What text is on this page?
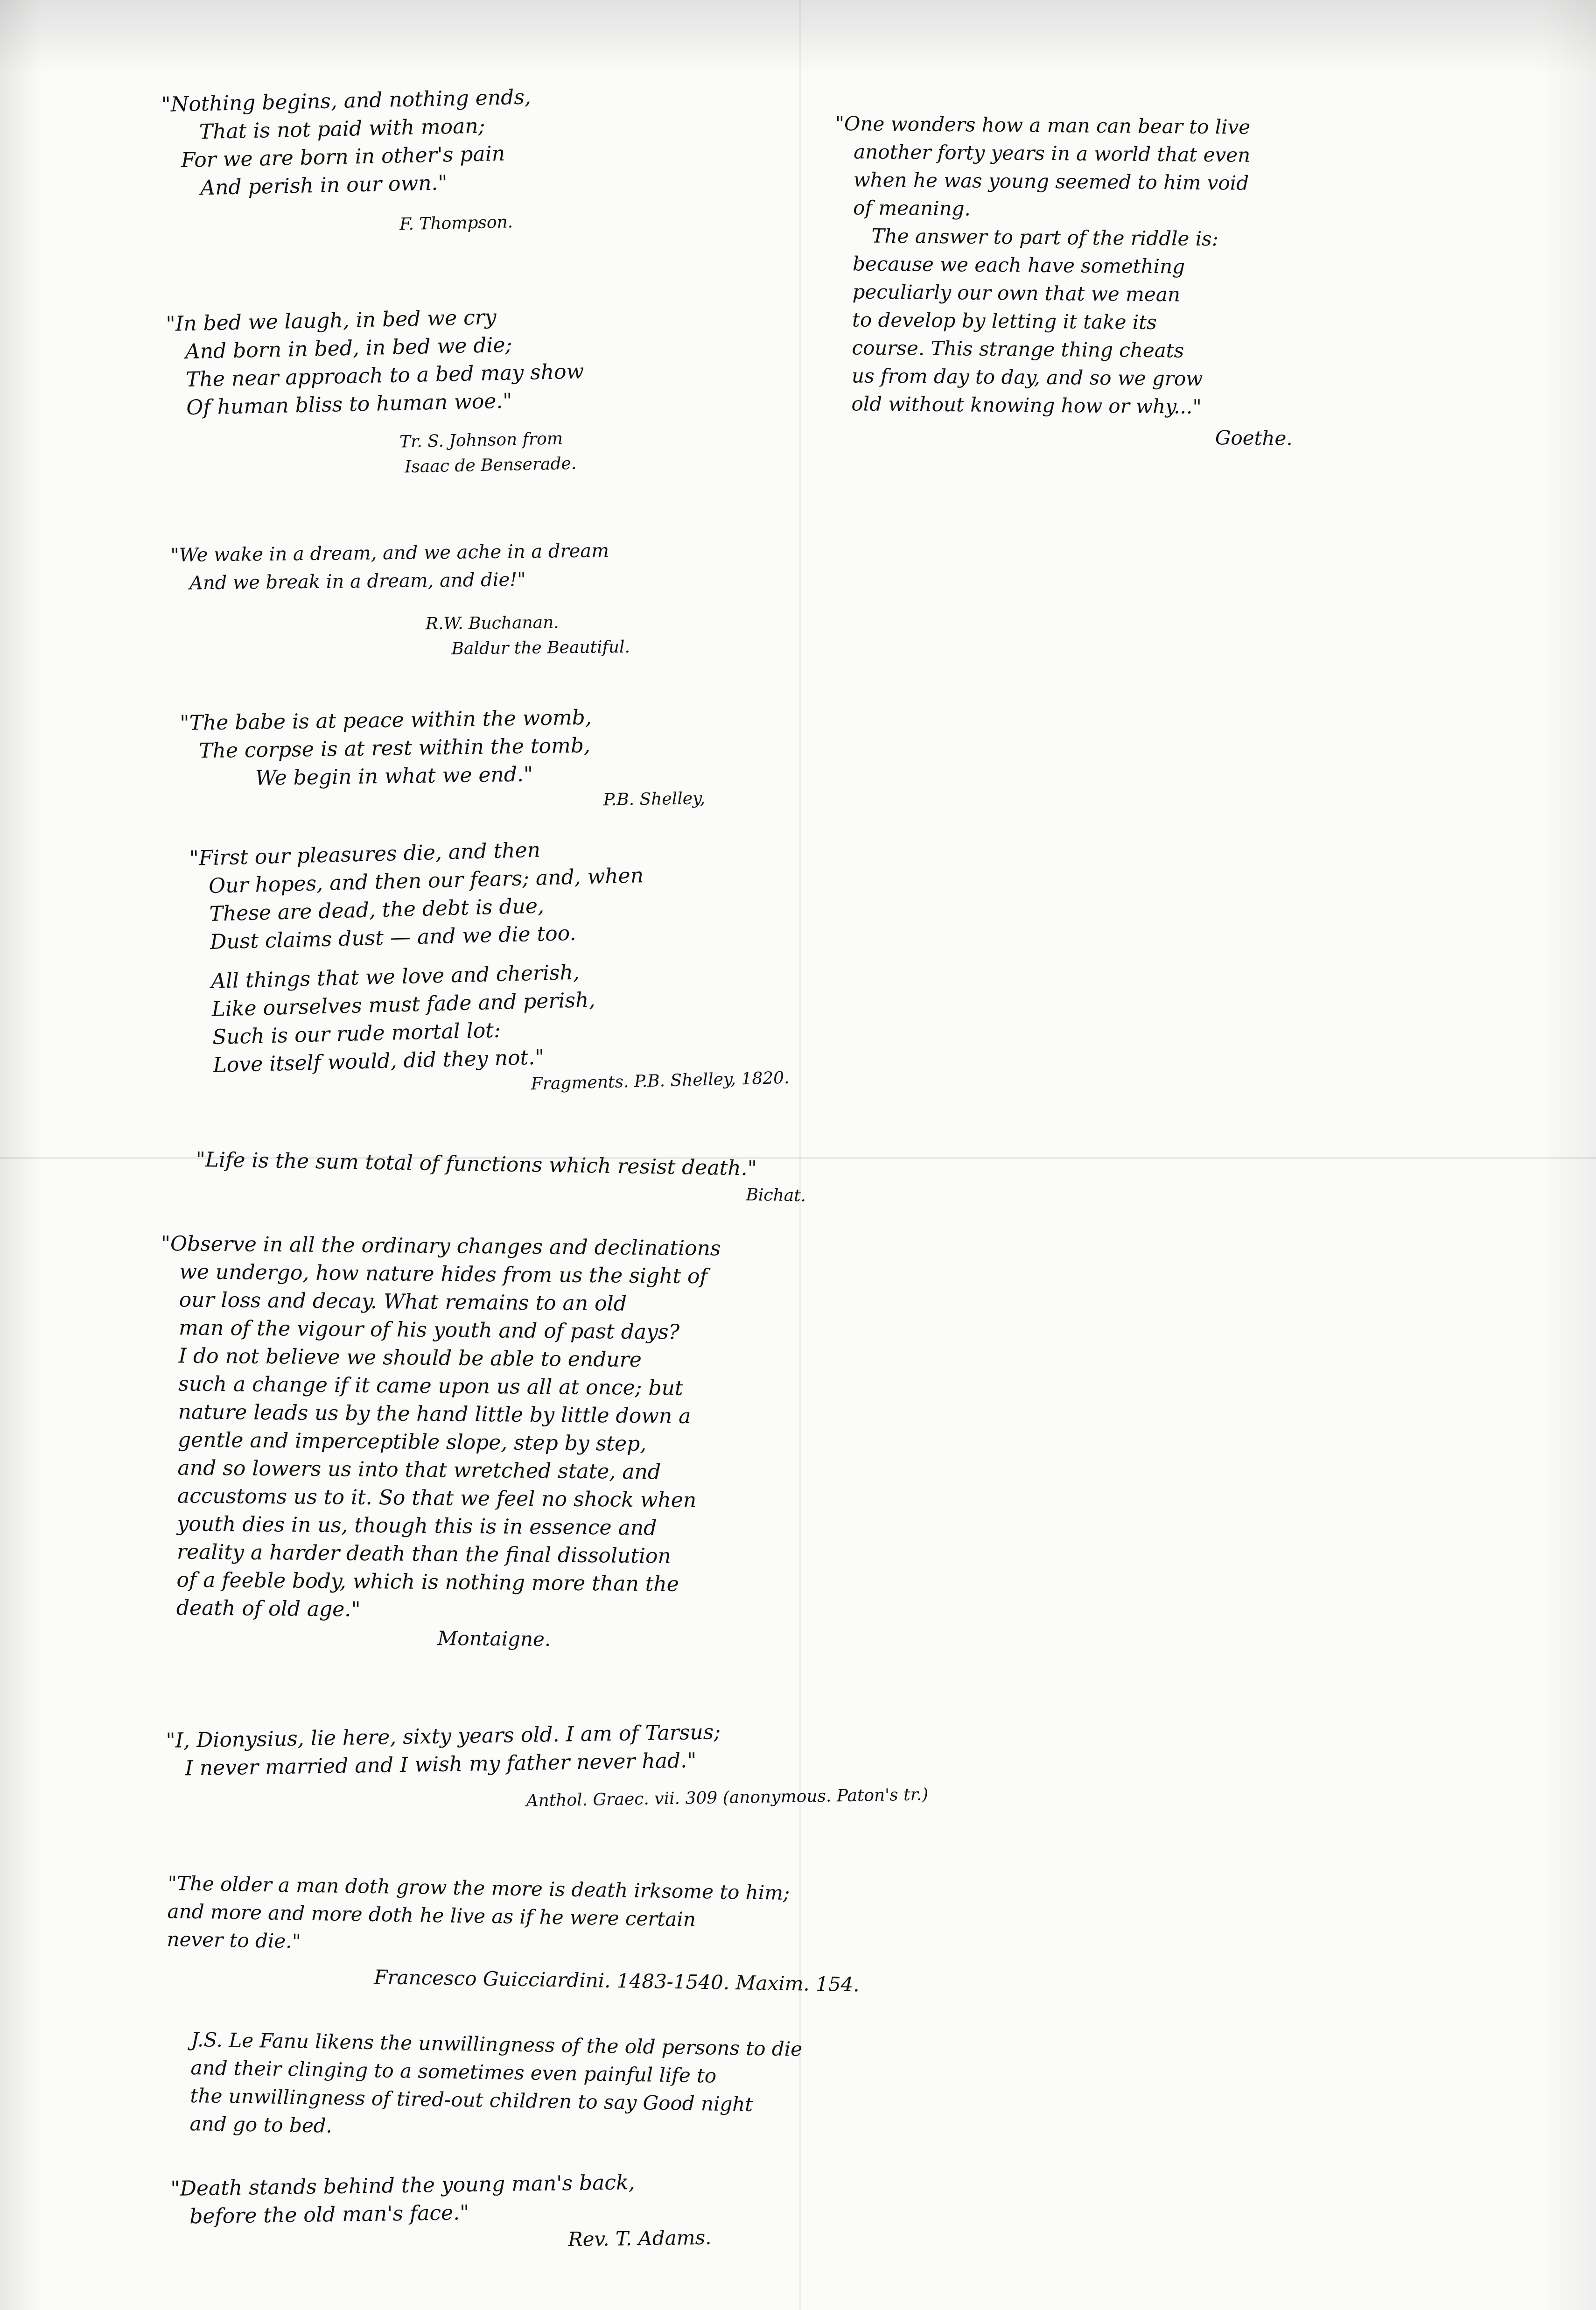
"Nothing begins, and nothing ends,
That is not paid with moan;
For we are born in other's pain
And perish in our own."
F. Thompson.
"In bed we laugh, in bed we cry
And born in bed, in bed we die;
The near approach to a bed may show
Of human bliss to human woe."
Tr. S. Johnson from
Isaac de Benserade.
"We wake in a dream, and we ache in a dream
And we break in a dream, and die!"
R.W. Buchanan.
Baldur the Beautiful.
"The babe is at peace within the womb,
The corpse is at rest within the tomb,
We begin in what we end."
P.B. Shelley,
"First our pleasures die, and then
Our hopes, and then our fears; and, when
These are dead, the debt is due,
Dust claims dust — and we die too.
All things that we love and cherish,
Like ourselves must fade and perish,
Such is our rude mortal lot:
Love itself would, did they not."
Fragments. P.B. Shelley, 1820.
"Life is the sum total of functions which resist death."
Bichat.
"Observe in all the ordinary changes and declinations
we undergo, how nature hides from us the sight of
our loss and decay. What remains to an old
man of the vigour of his youth and of past days?
I do not believe we should be able to endure
such a change if it came upon us all at once; but
nature leads us by the hand little by little down a
gentle and imperceptible slope, step by step,
and so lowers us into that wretched state, and
accustoms us to it. So that we feel no shock when
youth dies in us, though this is in essence and
reality a harder death than the final dissolution
of a feeble body, which is nothing more than the
death of old age."
Montaigne.
"I, Dionysius, lie here, sixty years old. I am of Tarsus;
I never married and I wish my father never had."
Anthol. Graec. vii. 309 (anonymous. Paton's tr.)
"The older a man doth grow the more is death irksome to him;
and more and more doth he live as if he were certain
never to die."
Francesco Guicciardini. 1483-1540. Maxim. 154.
J.S. Le Fanu likens the unwillingness of the old persons to die
and their clinging to a sometimes even painful life to
the unwillingness of tired-out children to say Good night
and go to bed.
"Death stands behind the young man's back,
before the old man's face."
Rev. T. Adams.
"One wonders how a man can bear to live
another forty years in a world that even
when he was young seemed to him void
of meaning.
The answer to part of the riddle is:
because we each have something
peculiarly our own that we mean
to develop by letting it take its
course. This strange thing cheats
us from day to day, and so we grow
old without knowing how or why..."
Goethe.
